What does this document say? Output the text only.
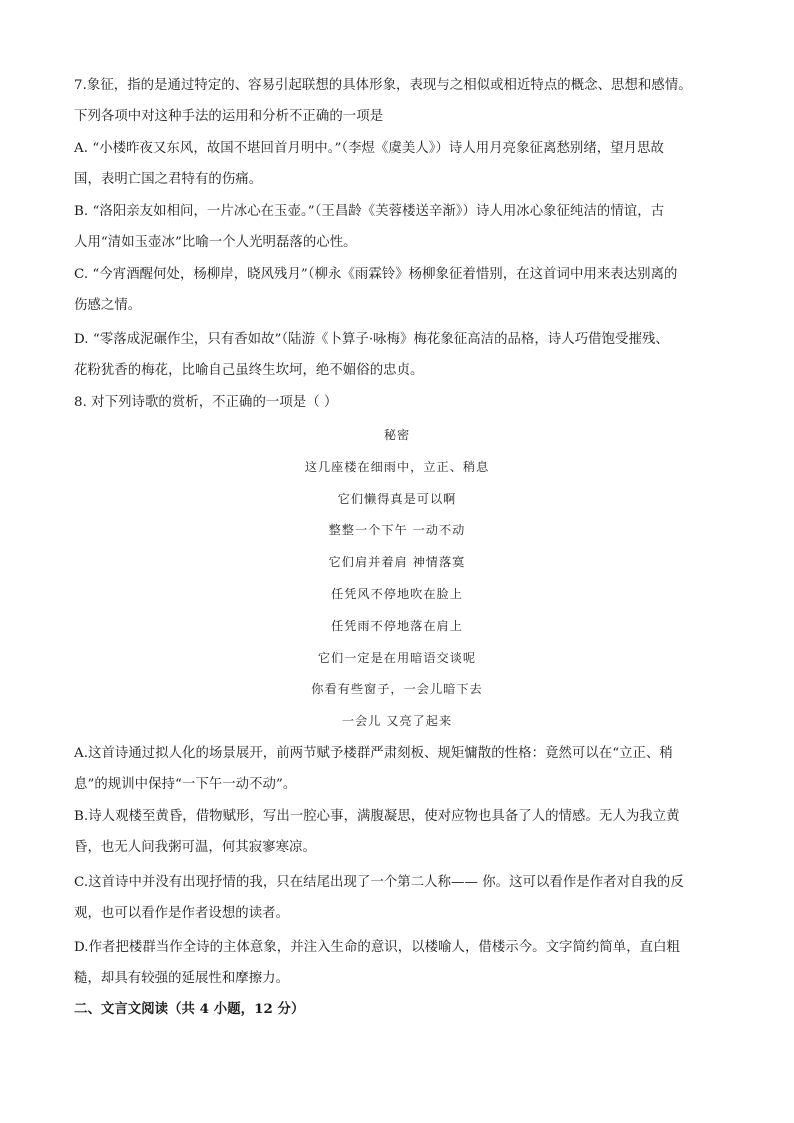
7.象征，指的是通过特定的、容易引起联想的具体形象，表现与之相似或相近特点的概念、思想和感情。
下列各项中对这种手法的运用和分析不正确的一项是
A. “小楼昨夜又东风，故国不堪回首月明中。”（李煜《虞美人》）诗人用月亮象征离愁别绪，望月思故
国，表明亡国之君特有的伤痛。
B. “洛阳亲友如相问，一片冰心在玉壶。”（王昌龄《芙蓉楼送辛渐》）诗人用冰心象征纯洁的情谊，古
人用“清如玉壶冰”比喻一个人光明磊落的心性。
C. “今宵酒醒何处，杨柳岸，晓风残月”（柳永《雨霖铃》杨柳象征着惜别，在这首词中用来表达别离的
伤感之情。
D. “零落成泥碾作尘，只有香如故”（陆游《卜算子·咏梅》梅花象征高洁的品格，诗人巧借饱受摧残、
花粉犹香的梅花，比喻自己虽终生坎坷，绝不媚俗的忠贞。
8. 对下列诗歌的赏析，不正确的一项是（ ）
秘密
这几座楼在细雨中，立正、稍息
它们懒得真是可以啊
整整一个下午 一动不动
它们肩并着肩 神情落寞
任凭风不停地吹在脸上
任凭雨不停地落在肩上
它们一定是在用暗语交谈呢
你看有些窗子，一会儿暗下去
一会儿 又亮了起来
A.这首诗通过拟人化的场景展开，前两节赋予楼群严肃刻板、规矩慵散的性格：竟然可以在“立正、稍
息”的规训中保持“一下午一动不动”。
B.诗人观楼至黄昏，借物赋形，写出一腔心事，满腹凝思，使对应物也具备了人的情感。无人为我立黄
昏，也无人问我粥可温，何其寂寥寒凉。
C.这首诗中并没有出现抒情的我，只在结尾出现了一个第二人称—— 你。这可以看作是作者对自我的反
观，也可以看作是作者设想的读者。
D.作者把楼群当作全诗的主体意象，并注入生命的意识，以楼喻人，借楼示今。文字简约简单，直白粗
糙，却具有较强的延展性和摩擦力。
二、文言文阅读（共 4 小题，12 分）
